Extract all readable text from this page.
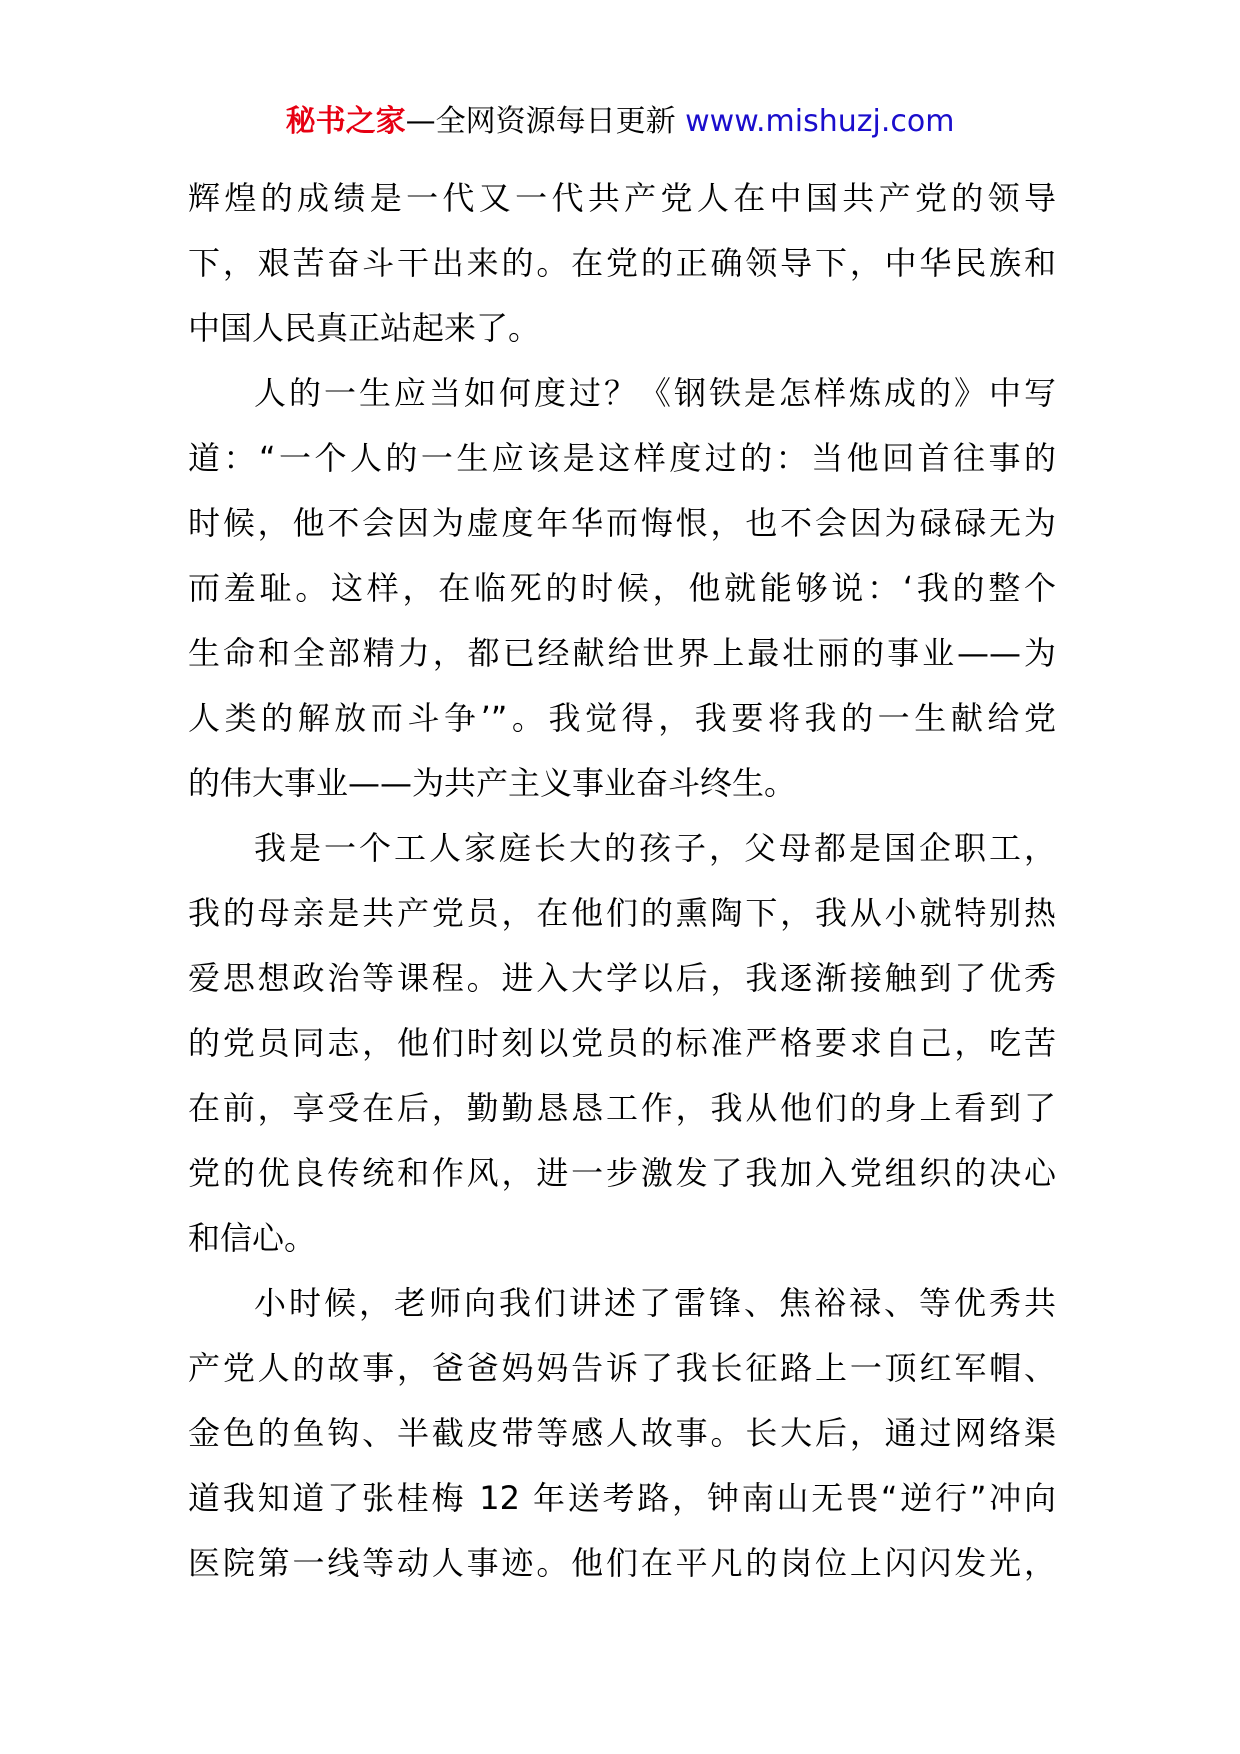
秘书之家—全网资源每日更新 www.mishuzj.com
辉煌的成绩是一代又一代共产党人在中国共产党的领导
下，艰苦奋斗干出来的。在党的正确领导下，中华民族和
中国人民真正站起来了。
人的一生应当如何度过？《钢铁是怎样炼成的》中写
道：“一个人的一生应该是这样度过的：当他回首往事的
时候，他不会因为虚度年华而悔恨，也不会因为碌碌无为
而羞耻。这样，在临死的时候，他就能够说：‘我的整个
生命和全部精力，都已经献给世界上最壮丽的事业——为
人类的解放而斗争’”。我觉得，我要将我的一生献给党
的伟大事业——为共产主义事业奋斗终生。
我是一个工人家庭长大的孩子，父母都是国企职工，
我的母亲是共产党员，在他们的熏陶下，我从小就特别热
爱思想政治等课程。进入大学以后，我逐渐接触到了优秀
的党员同志，他们时刻以党员的标准严格要求自己，吃苦
在前，享受在后，勤勤恳恳工作，我从他们的身上看到了
党的优良传统和作风，进一步激发了我加入党组织的决心
和信心。
小时候，老师向我们讲述了雷锋、焦裕禄、等优秀共
产党人的故事，爸爸妈妈告诉了我长征路上一顶红军帽、
金色的鱼钩、半截皮带等感人故事。长大后，通过网络渠
道我知道了张桂梅 12 年送考路，钟南山无畏“逆行”冲向
医院第一线等动人事迹。他们在平凡的岗位上闪闪发光，
